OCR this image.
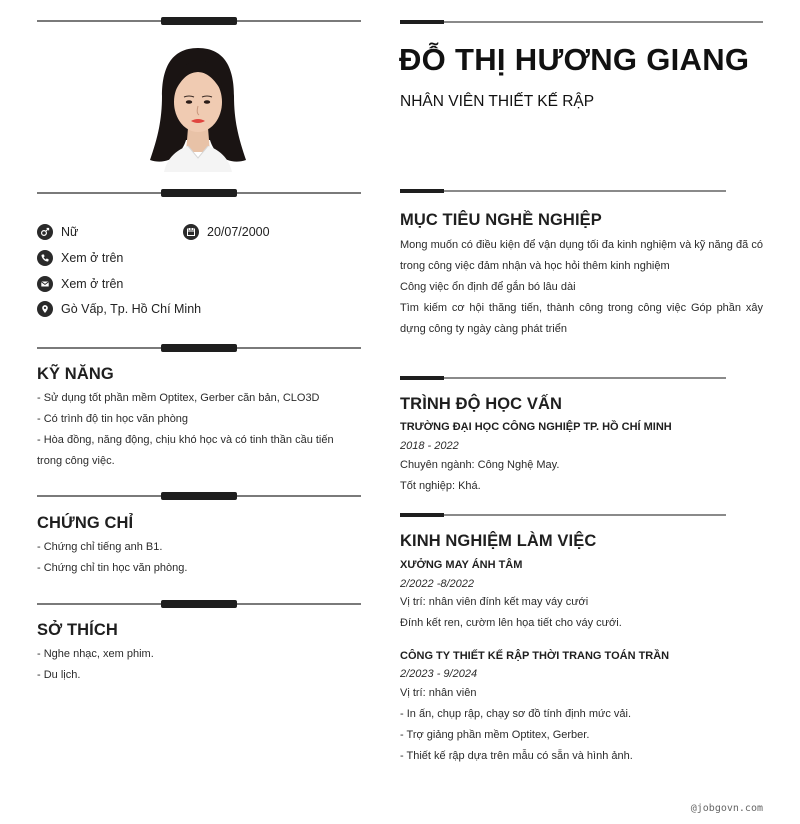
Nữ	20/07/2000
Xem ở trên
Xem ở trên
Gò Vấp, Tp. Hồ Chí Minh
KỸ NĂNG
- Sử dụng tốt phần mềm Optitex, Gerber căn bản, CLO3D
- Có trình độ tin học văn phòng
- Hòa đồng, năng động, chịu khó học và có tinh thần cầu tiến trong công việc.
CHỨNG CHỈ
- Chứng chỉ tiếng anh B1.
- Chứng chỉ tin học văn phòng.
SỞ THÍCH
- Nghe nhạc, xem phim.
- Du lịch.
ĐỖ THỊ HƯƠNG GIANG
NHÂN VIÊN THIẾT KẾ RẬP
MỤC TIÊU NGHỀ NGHIỆP
Mong muốn có điều kiện để vận dụng tối đa kinh nghiệm và kỹ năng đã có trong công việc đảm nhận và học hỏi thêm kinh nghiệm
Công việc ổn định để gắn bó lâu dài
Tìm kiếm cơ hội thăng tiến, thành công trong công việc Góp phần xây dựng công ty ngày càng phát triển
TRÌNH ĐỘ HỌC VẤN
TRƯỜNG ĐẠI HỌC CÔNG NGHIỆP TP. HỒ CHÍ MINH
2018 - 2022
Chuyên ngành: Công Nghệ May.
Tốt nghiệp: Khá.
KINH NGHIỆM LÀM VIỆC
XƯỞNG MAY ÁNH TÂM
2/2022 -8/2022
Vị trí: nhân viên đính kết may váy cưới
Đính kết ren, cườm lên họa tiết cho váy cưới.
CÔNG TY THIẾT KẾ RẬP THỜI TRANG TOÁN TRẦN
2/2023 - 9/2024
Vị trí: nhân viên
- In ấn, chụp rập, chạy sơ đồ tính định mức vải.
- Trợ giảng phần mềm Optitex, Gerber.
- Thiết kế rập dựa trên mẫu có sẵn và hình ảnh.
@jobgovn.com
